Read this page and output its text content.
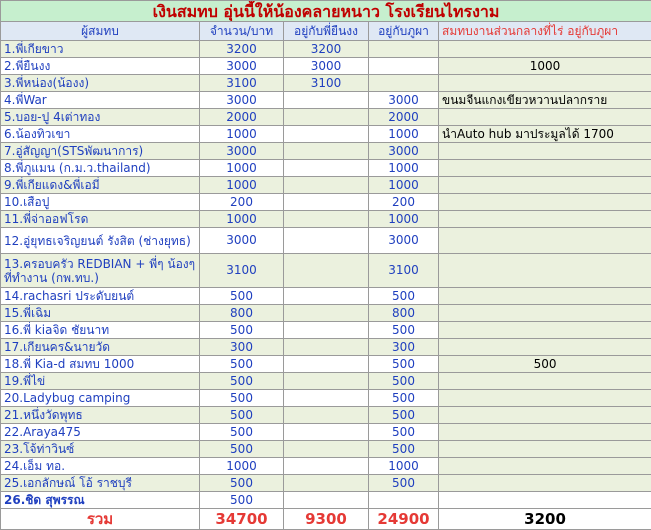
เงินสมทบ อุ่นนี้ให้น้องคลายหนาว โรงเรียนไทรงาม				
ผู้สมทบ	จำนวน/บาท	อยู่กับพี่ยืนงง	อยู่กับภูผา	สมทบงานส่วนกลางที่ไร่ อยู่กับภูผา
1.พี่เกียขาว	3200	3200		
2.พี่ยืนงง	3000	3000		1000
3.พี่หน่อง(น้องง)	3100	3100		
4.พี่War	3000		3000	ขนมจีนแกงเขียวหวานปลากราย
5.บอย-ปู 4เต่าทอง	2000		2000	
6.น้องทิวเขา	1000		1000	นำAuto hub มาประมูลได้ 1700
7.อู่สัญญา(STSพัฒนาการ)	3000		3000	
8.พี่ภูแมน (ก.ม.ว.thailand)	1000		1000	
9.พี่เกียแดง&พี่เอมี่	1000		1000	
10.เสือปู	200		200	
11.พี่จ่าออฟโรด	1000		1000	
12.อู่ยุทธเจริญยนต์ รังสิต (ช่างยุทธ)	3000		3000	
13.ครอบครัว REDBIAN + พี่ๆ น้องๆ ที่ทำงาน (กพ.ทบ.)	3100		3100	
14.rachasri ประดับยนต์	500		500	
15.พี่เฉิม	800		800	
16.พี่ kiaจิด ชัยนาท	500		500	
17.เกียนคร&นายวัด	300		300	
18.พี่ Kia-d สมทบ 1000	500		500	500
19.พี่ไข่	500		500	
20.Ladybug camping	500		500	
21.หนึ่งวัดพุทธ	500		500	
22.Araya475	500		500	
23.โจ้ท่าวินซ์	500		500	
24.เอ็ม ทอ.	1000		1000	
25.เอกลักษณ์ โอ้ ราชบุรี	500		500	
26.ชิด สุพรรณ	500			
รวม	34700	9300	24900	3200
